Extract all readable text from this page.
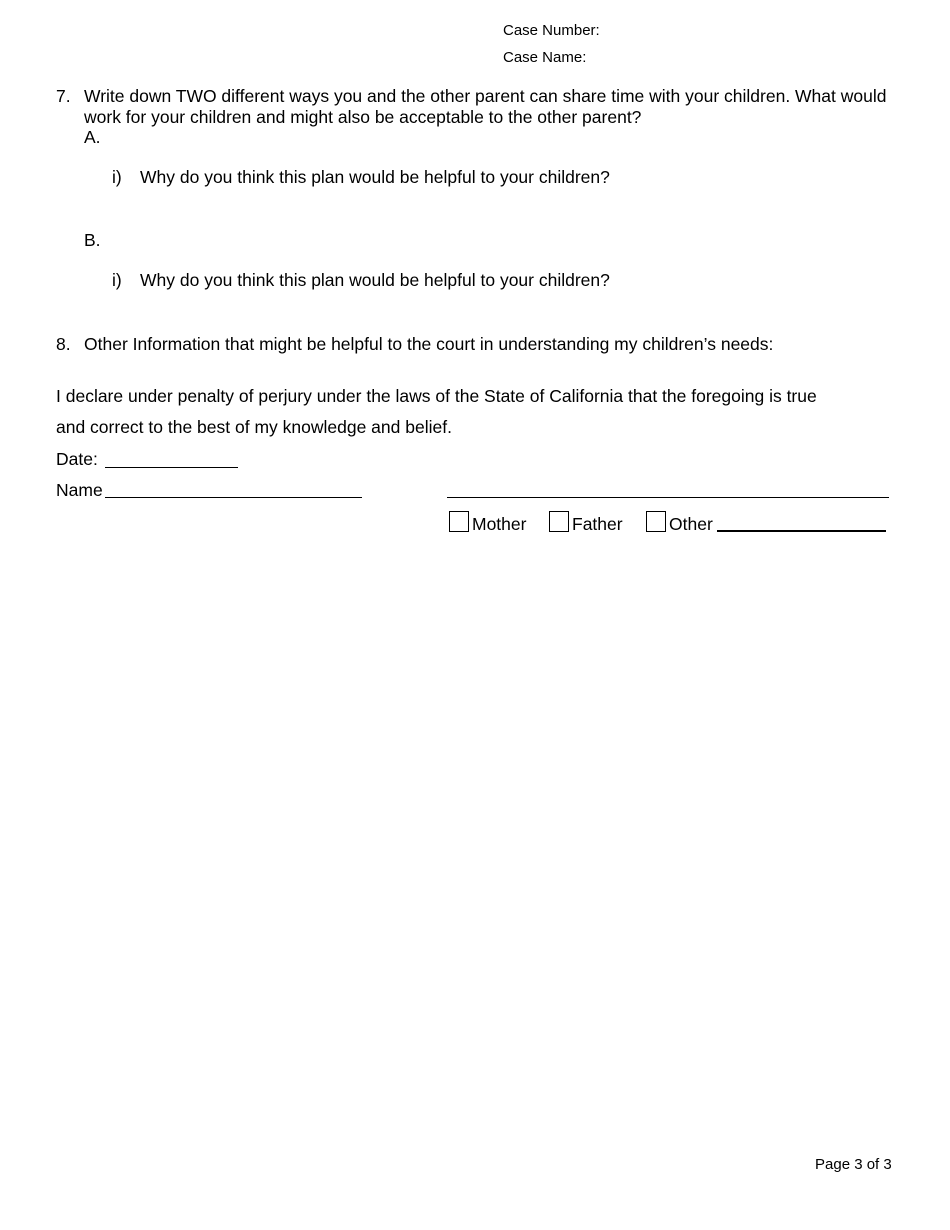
Case Number:
Case Name:
7. Write down TWO different ways you and the other parent can share time with your children. What would work for your children and might also be acceptable to the other parent?
A.
i) Why do you think this plan would be helpful to your children?
B.
i) Why do you think this plan would be helpful to your children?
8. Other Information that might be helpful to the court in understanding my children’s needs:
I declare under penalty of perjury under the laws of the State of California that the foregoing is true
and correct to the best of my knowledge and belief.
Date:
Name
Mother	Father	Other
Page 3 of 3
